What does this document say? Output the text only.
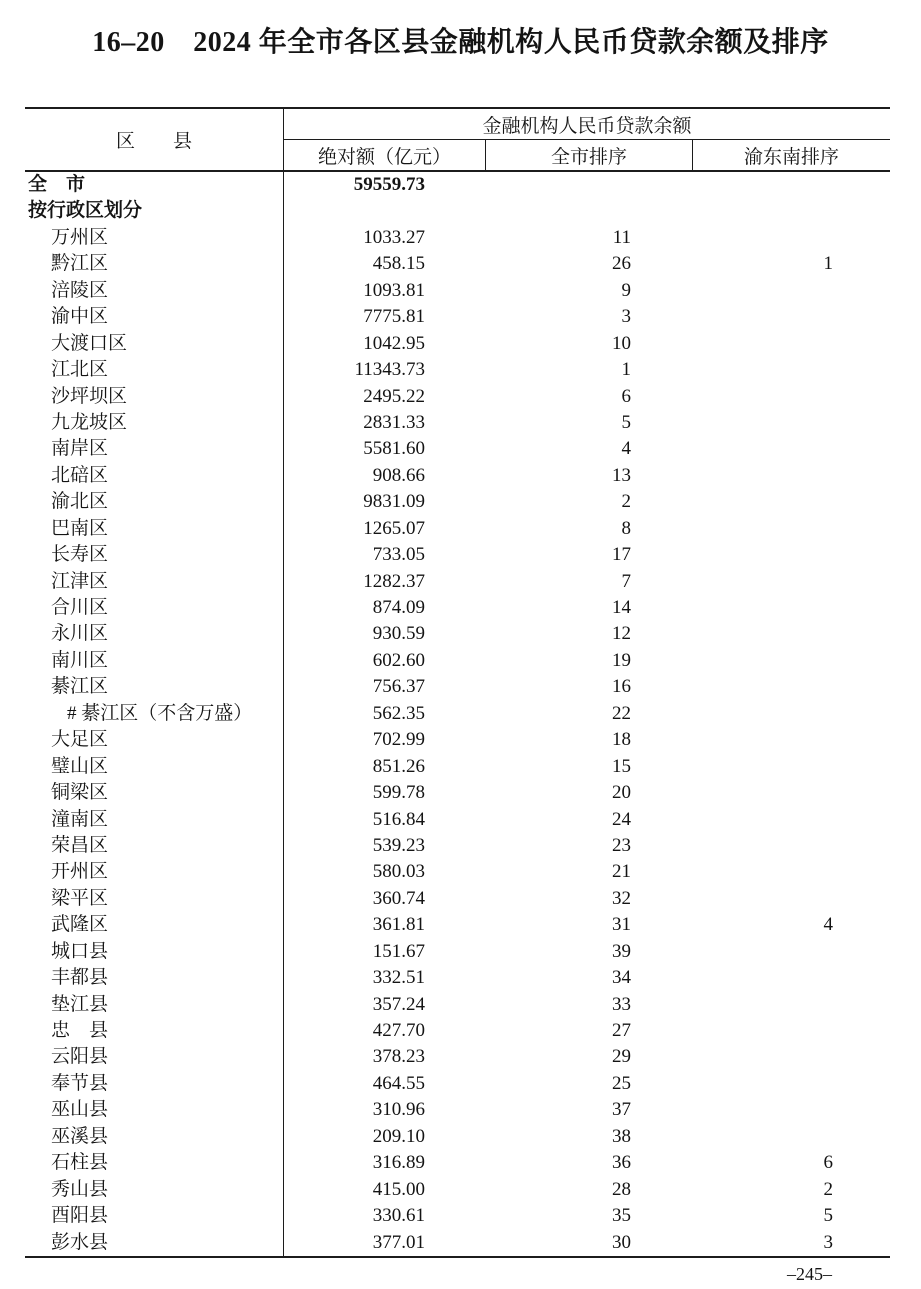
16–20　2024 年全市各区县金融机构人民币贷款余额及排序
区　　县
金融机构人民币贷款余额
绝对额（亿元）	全市排序	渝东南排序
全　市	59559.73
按行政区划分
万州区	1033.27	11
黔江区	458.15	26	1
涪陵区	1093.81	9
渝中区	7775.81	3
大渡口区	1042.95	10
江北区	11343.73	1
沙坪坝区	2495.22	6
九龙坡区	2831.33	5
南岸区	5581.60	4
北碚区	908.66	13
渝北区	9831.09	2
巴南区	1265.07	8
长寿区	733.05	17
江津区	1282.37	7
合川区	874.09	14
永川区	930.59	12
南川区	602.60	19
綦江区	756.37	16
# 綦江区（不含万盛）	562.35	22
大足区	702.99	18
璧山区	851.26	15
铜梁区	599.78	20
潼南区	516.84	24
荣昌区	539.23	23
开州区	580.03	21
梁平区	360.74	32
武隆区	361.81	31	4
城口县	151.67	39
丰都县	332.51	34
垫江县	357.24	33
忠　县	427.70	27
云阳县	378.23	29
奉节县	464.55	25
巫山县	310.96	37
巫溪县	209.10	38
石柱县	316.89	36	6
秀山县	415.00	28	2
酉阳县	330.61	35	5
彭水县	377.01	30	3
–245–
